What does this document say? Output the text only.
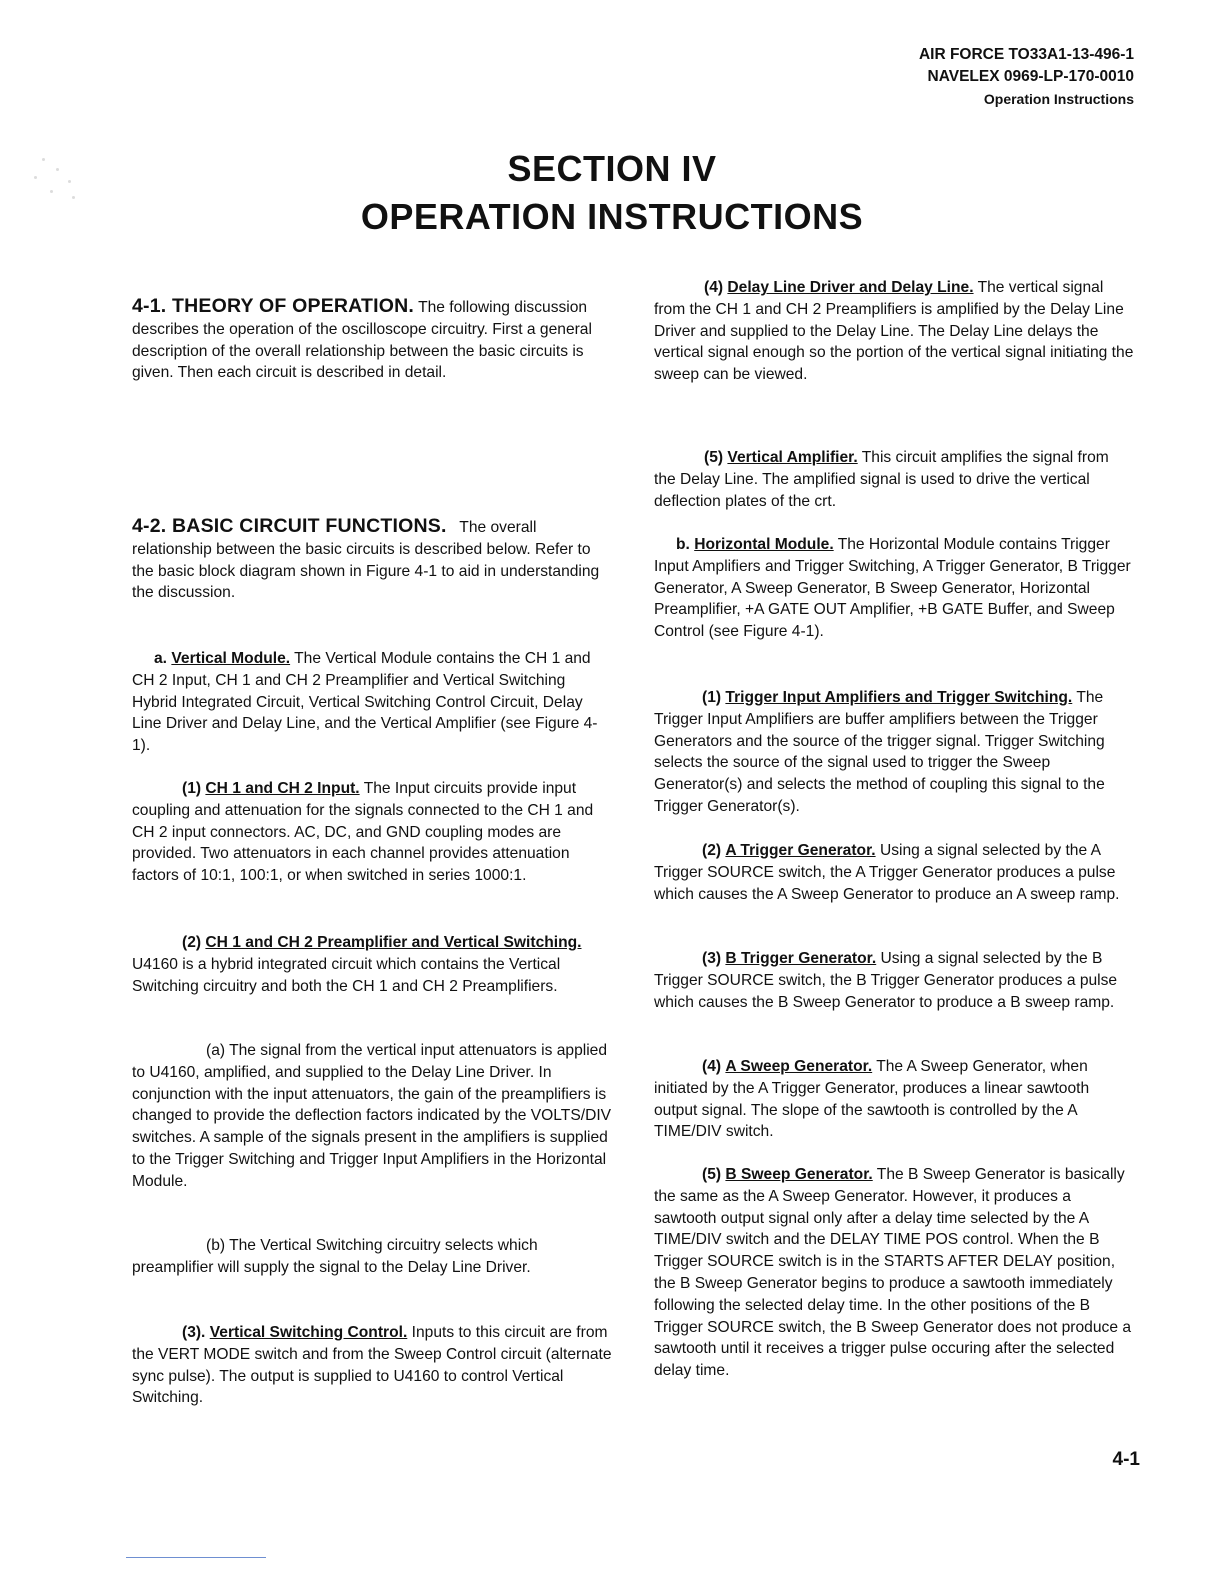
AIR FORCE TO33A1-13-496-1
NAVELEX 0969-LP-170-0010
Operation Instructions
SECTION IV
OPERATION INSTRUCTIONS

4-1. THEORY OF OPERATION. The following discussion describes the operation of the oscilloscope circuitry. First a general description of the overall relationship between the basic circuits is given. Then each circuit is described in detail.

4-2. BASIC CIRCUIT FUNCTIONS. The overall relationship between the basic circuits is described below. Refer to the basic block diagram shown in Figure 4-1 to aid in understanding the discussion.

a. Vertical Module. The Vertical Module contains the CH 1 and CH 2 Input, CH 1 and CH 2 Preamplifier and Vertical Switching Hybrid Integrated Circuit, Vertical Switching Control Circuit, Delay Line Driver and Delay Line, and the Vertical Amplifier (see Figure 4-1).

(1) CH 1 and CH 2 Input. The Input circuits provide input coupling and attenuation for the signals connected to the CH 1 and CH 2 input connectors. AC, DC, and GND coupling modes are provided. Two attenuators in each channel provides attenuation factors of 10:1, 100:1, or when switched in series 1000:1.

(2) CH 1 and CH 2 Preamplifier and Vertical Switching. U4160 is a hybrid integrated circuit which contains the Vertical Switching circuitry and both the CH 1 and CH 2 Preamplifiers.

(a) The signal from the vertical input attenuators is applied to U4160, amplified, and supplied to the Delay Line Driver. In conjunction with the input attenuators, the gain of the preamplifiers is changed to provide the deflection factors indicated by the VOLTS/DIV switches. A sample of the signals present in the amplifiers is supplied to the Trigger Switching and Trigger Input Amplifiers in the Horizontal Module.

(b) The Vertical Switching circuitry selects which preamplifier will supply the signal to the Delay Line Driver.

(3). Vertical Switching Control. Inputs to this circuit are from the VERT MODE switch and from the Sweep Control circuit (alternate sync pulse). The output is supplied to U4160 to control Vertical Switching.

(4) Delay Line Driver and Delay Line. The vertical signal from the CH 1 and CH 2 Preamplifiers is amplified by the Delay Line Driver and supplied to the Delay Line. The Delay Line delays the vertical signal enough so the portion of the vertical signal initiating the sweep can be viewed.

(5) Vertical Amplifier. This circuit amplifies the signal from the Delay Line. The amplified signal is used to drive the vertical deflection plates of the crt.

b. Horizontal Module. The Horizontal Module contains Trigger Input Amplifiers and Trigger Switching, A Trigger Generator, B Trigger Generator, A Sweep Generator, B Sweep Generator, Horizontal Preamplifier, +A GATE OUT Amplifier, +B GATE Buffer, and Sweep Control (see Figure 4-1).

(1) Trigger Input Amplifiers and Trigger Switching. The Trigger Input Amplifiers are buffer amplifiers between the Trigger Generators and the source of the trigger signal. Trigger Switching selects the source of the signal used to trigger the Sweep Generator(s) and selects the method of coupling this signal to the Trigger Generator(s).

(2) A Trigger Generator. Using a signal selected by the A Trigger SOURCE switch, the A Trigger Generator produces a pulse which causes the A Sweep Generator to produce an A sweep ramp.

(3) B Trigger Generator. Using a signal selected by the B Trigger SOURCE switch, the B Trigger Generator produces a pulse which causes the B Sweep Generator to produce a B sweep ramp.

(4) A Sweep Generator. The A Sweep Generator, when initiated by the A Trigger Generator, produces a linear sawtooth output signal. The slope of the sawtooth is controlled by the A TIME/DIV switch.

(5) B Sweep Generator. The B Sweep Generator is basically the same as the A Sweep Generator. However, it produces a sawtooth output signal only after a delay time selected by the A TIME/DIV switch and the DELAY TIME POS control. When the B Trigger SOURCE switch is in the STARTS AFTER DELAY position, the B Sweep Generator begins to produce a sawtooth immediately following the selected delay time. In the other positions of the B Trigger SOURCE switch, the B Sweep Generator does not produce a sawtooth until it receives a trigger pulse occuring after the selected delay time.

4-1
